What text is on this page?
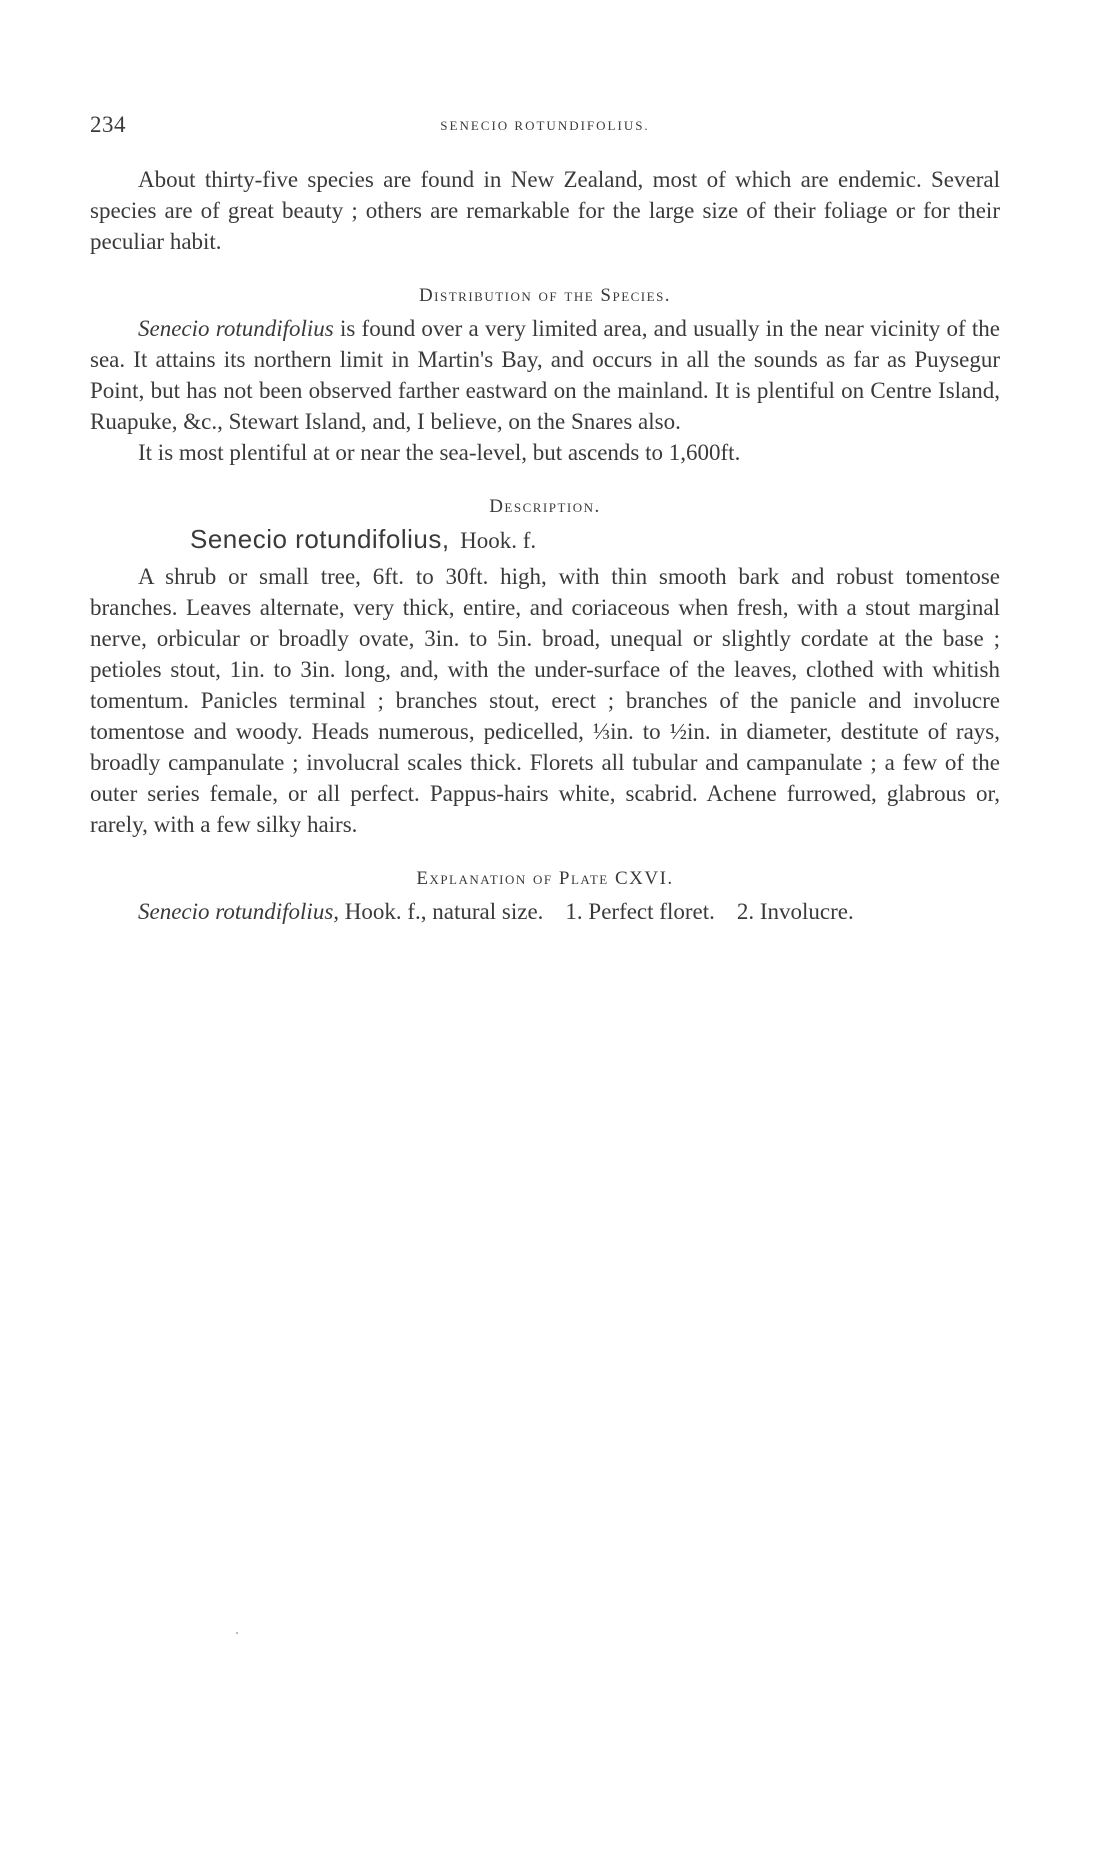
234	SENECIO ROTUNDIFOLIUS.

About thirty-five species are found in New Zealand, most of which are endemic. Several species are of great beauty ; others are remarkable for the large size of their foliage or for their peculiar habit.

Distribution of the Species.

Senecio rotundifolius is found over a very limited area, and usually in the near vicinity of the sea. It attains its northern limit in Martin's Bay, and occurs in all the sounds as far as Puysegur Point, but has not been observed farther eastward on the mainland. It is plentiful on Centre Island, Ruapuke, &c., Stewart Island, and, I believe, on the Snares also.

It is most plentiful at or near the sea-level, but ascends to 1,600ft.

Description.
Senecio rotundifolius, Hook. f.

A shrub or small tree, 6ft. to 30ft. high, with thin smooth bark and robust tomentose branches. Leaves alternate, very thick, entire, and coriaceous when fresh, with a stout marginal nerve, orbicular or broadly ovate, 3in. to 5in. broad, unequal or slightly cordate at the base ; petioles stout, 1in. to 3in. long, and, with the under-surface of the leaves, clothed with whitish tomentum. Panicles terminal ; branches stout, erect ; branches of the panicle and involucre tomentose and woody. Heads numerous, pedicelled, ⅓in. to ½in. in diameter, destitute of rays, broadly campanulate ; involucral scales thick. Florets all tubular and campanulate ; a few of the outer series female, or all perfect. Pappus-hairs white, scabrid. Achene furrowed, glabrous or, rarely, with a few silky hairs.

Explanation of Plate CXVI.

Senecio rotundifolius, Hook. f., natural size. 1. Perfect floret. 2. Involucre.
